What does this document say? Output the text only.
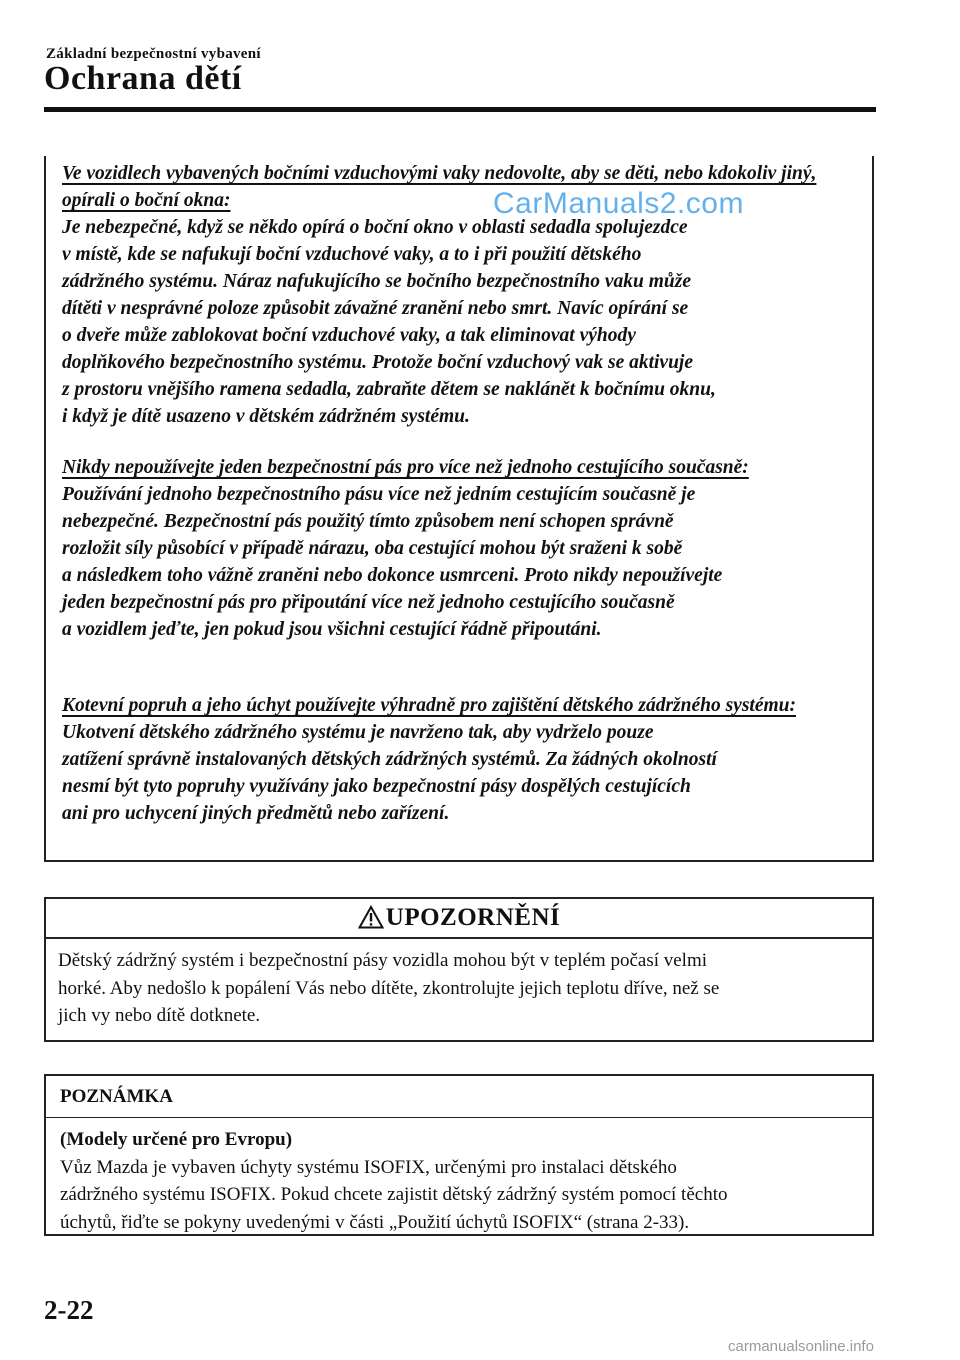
Základní bezpečnostní vybavení
Ochrana dětí

Ve vozidlech vybavených bočními vzduchovými vaky nedovolte, aby se děti, nebo kdokoliv jiný, opírali o boční okna:

Je nebezpečné, když se někdo opírá o boční okno v oblasti sedadla spolujezdce
v místě, kde se nafukují boční vzduchové vaky, a to i při použití dětského
zádržného systému. Náraz nafukujícího se bočního bezpečnostního vaku může
dítěti v nesprávné poloze způsobit závažné zranění nebo smrt. Navíc opírání se
o dveře může zablokovat boční vzduchové vaky, a tak eliminovat výhody
doplňkového bezpečnostního systému. Protože boční vzduchový vak se aktivuje
z prostoru vnějšího ramena sedadla, zabraňte dětem se naklánět k bočnímu oknu,
i když je dítě usazeno v dětském zádržném systému.

Nikdy nepoužívejte jeden bezpečnostní pás pro více než jednoho cestujícího současně:

Používání jednoho bezpečnostního pásu více než jedním cestujícím současně je
nebezpečné. Bezpečnostní pás použitý tímto způsobem není schopen správně
rozložit síly působící v případě nárazu, oba cestující mohou být sraženi k sobě
a následkem toho vážně zraněni nebo dokonce usmrceni. Proto nikdy nepoužívejte
jeden bezpečnostní pás pro připoutání více než jednoho cestujícího současně
a vozidlem jeďte, jen pokud jsou všichni cestující řádně připoutáni.

Kotevní popruh a jeho úchyt používejte výhradně pro zajištění dětského zádržného systému:

Ukotvení dětského zádržného systému je navrženo tak, aby vydrželo pouze
zatížení správně instalovaných dětských zádržných systémů. Za žádných okolností
nesmí být tyto popruhy využívány jako bezpečnostní pásy dospělých cestujících
ani pro uchycení jiných předmětů nebo zařízení.

CarManuals2.com
UPOZORNĚNÍ
Dětský zádržný systém i bezpečnostní pásy vozidla mohou být v teplém počasí velmi
horké. Aby nedošlo k popálení Vás nebo dítěte, zkontrolujte jejich teplotu dříve, než se
jich vy nebo dítě dotknete.
POZNÁMKA
(Modely určené pro Evropu)
Vůz Mazda je vybaven úchyty systému ISOFIX, určenými pro instalaci dětského
zádržného systému ISOFIX. Pokud chcete zajistit dětský zádržný systém pomocí těchto
úchytů, řiďte se pokyny uvedenými v části „Použití úchytů ISOFIX“ (strana 2-33).
2-22
carmanualsonline.info
